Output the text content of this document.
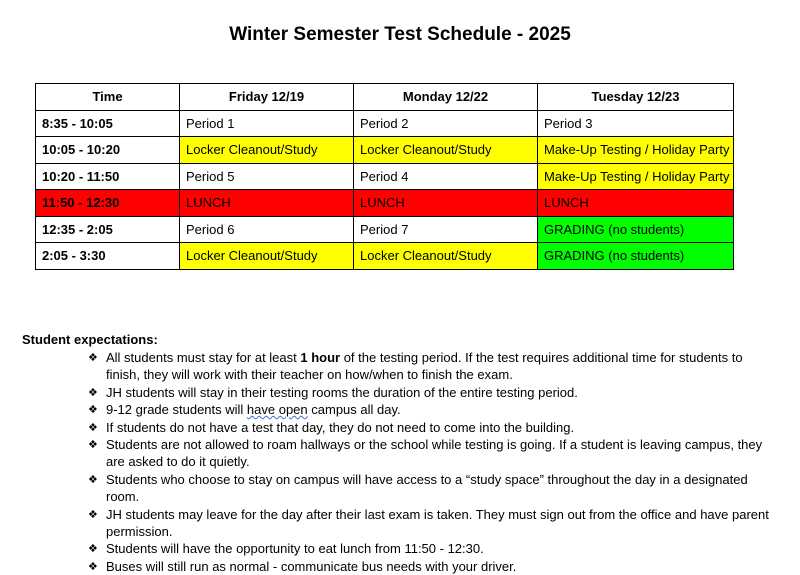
Winter Semester Test Schedule - 2025
Time	Friday 12/19	Monday 12/22	Tuesday 12/23
8:35 - 10:05	Period 1	Period 2	Period 3
10:05 - 10:20	Locker Cleanout/Study	Locker Cleanout/Study	Make-Up Testing / Holiday Party
10:20 - 11:50	Period 5	Period 4	Make-Up Testing / Holiday Party
11:50 - 12:30	LUNCH	LUNCH	LUNCH
12:35 - 2:05	Period 6	Period 7	GRADING (no students)
2:05 - 3:30	Locker Cleanout/Study	Locker Cleanout/Study	GRADING (no students)
Student expectations:
❖ All students must stay for at least 1 hour of the testing period. If the test requires additional time for students to finish, they will work with their teacher on how/when to finish the exam.
❖ JH students will stay in their testing rooms the duration of the entire testing period.
❖ 9-12 grade students will have open campus all day.
❖ If students do not have a test that day, they do not need to come into the building.
❖ Students are not allowed to roam hallways or the school while testing is going. If a student is leaving campus, they are asked to do it quietly.
❖ Students who choose to stay on campus will have access to a “study space” throughout the day in a designated room.
❖ JH students may leave for the day after their last exam is taken. They must sign out from the office and have parent permission.
❖ Students will have the opportunity to eat lunch from 11:50 - 12:30.
❖ Buses will still run as normal - communicate bus needs with your driver.
